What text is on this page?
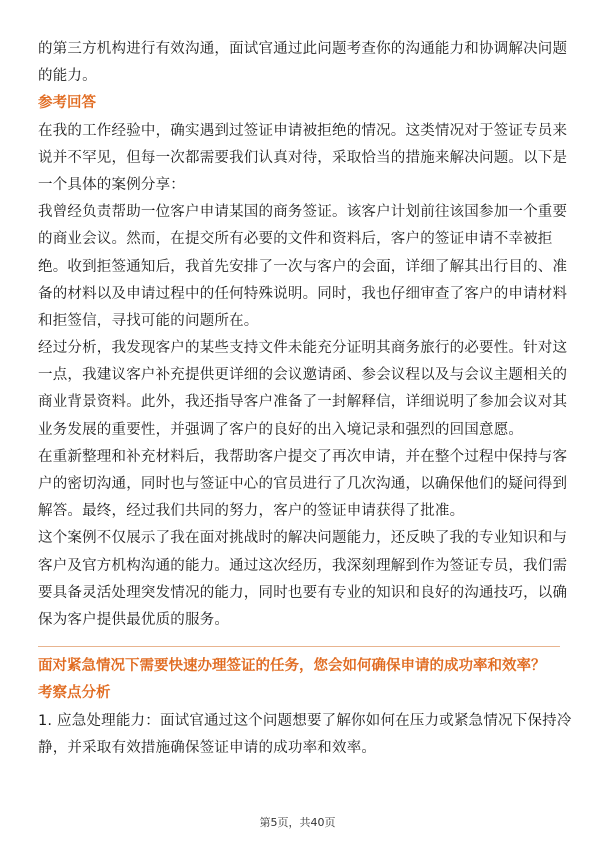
的第三方机构进行有效沟通，面试官通过此问题考查你的沟通能力和协调解决问题
的能力。
参考回答
在我的工作经验中，确实遇到过签证申请被拒绝的情况。这类情况对于签证专员来
说并不罕见，但每一次都需要我们认真对待，采取恰当的措施来解决问题。以下是
一个具体的案例分享：
我曾经负责帮助一位客户申请某国的商务签证。该客户计划前往该国参加一个重要
的商业会议。然而，在提交所有必要的文件和资料后，客户的签证申请不幸被拒
绝。收到拒签通知后，我首先安排了一次与客户的会面，详细了解其出行目的、准
备的材料以及申请过程中的任何特殊说明。同时，我也仔细审查了客户的申请材料
和拒签信，寻找可能的问题所在。
经过分析，我发现客户的某些支持文件未能充分证明其商务旅行的必要性。针对这
一点，我建议客户补充提供更详细的会议邀请函、参会议程以及与会议主题相关的
商业背景资料。此外，我还指导客户准备了一封解释信，详细说明了参加会议对其
业务发展的重要性，并强调了客户的良好的出入境记录和强烈的回国意愿。
在重新整理和补充材料后，我帮助客户提交了再次申请，并在整个过程中保持与客
户的密切沟通，同时也与签证中心的官员进行了几次沟通，以确保他们的疑问得到
解答。最终，经过我们共同的努力，客户的签证申请获得了批准。
这个案例不仅展示了我在面对挑战时的解决问题能力，还反映了我的专业知识和与
客户及官方机构沟通的能力。通过这次经历，我深刻理解到作为签证专员，我们需
要具备灵活处理突发情况的能力，同时也要有专业的知识和良好的沟通技巧，以确
保为客户提供最优质的服务。
面对紧急情况下需要快速办理签证的任务，您会如何确保申请的成功率和效率？
考察点分析
1. 应急处理能力：面试官通过这个问题想要了解你如何在压力或紧急情况下保持冷
静，并采取有效措施确保签证申请的成功率和效率。
第5页，共40页
